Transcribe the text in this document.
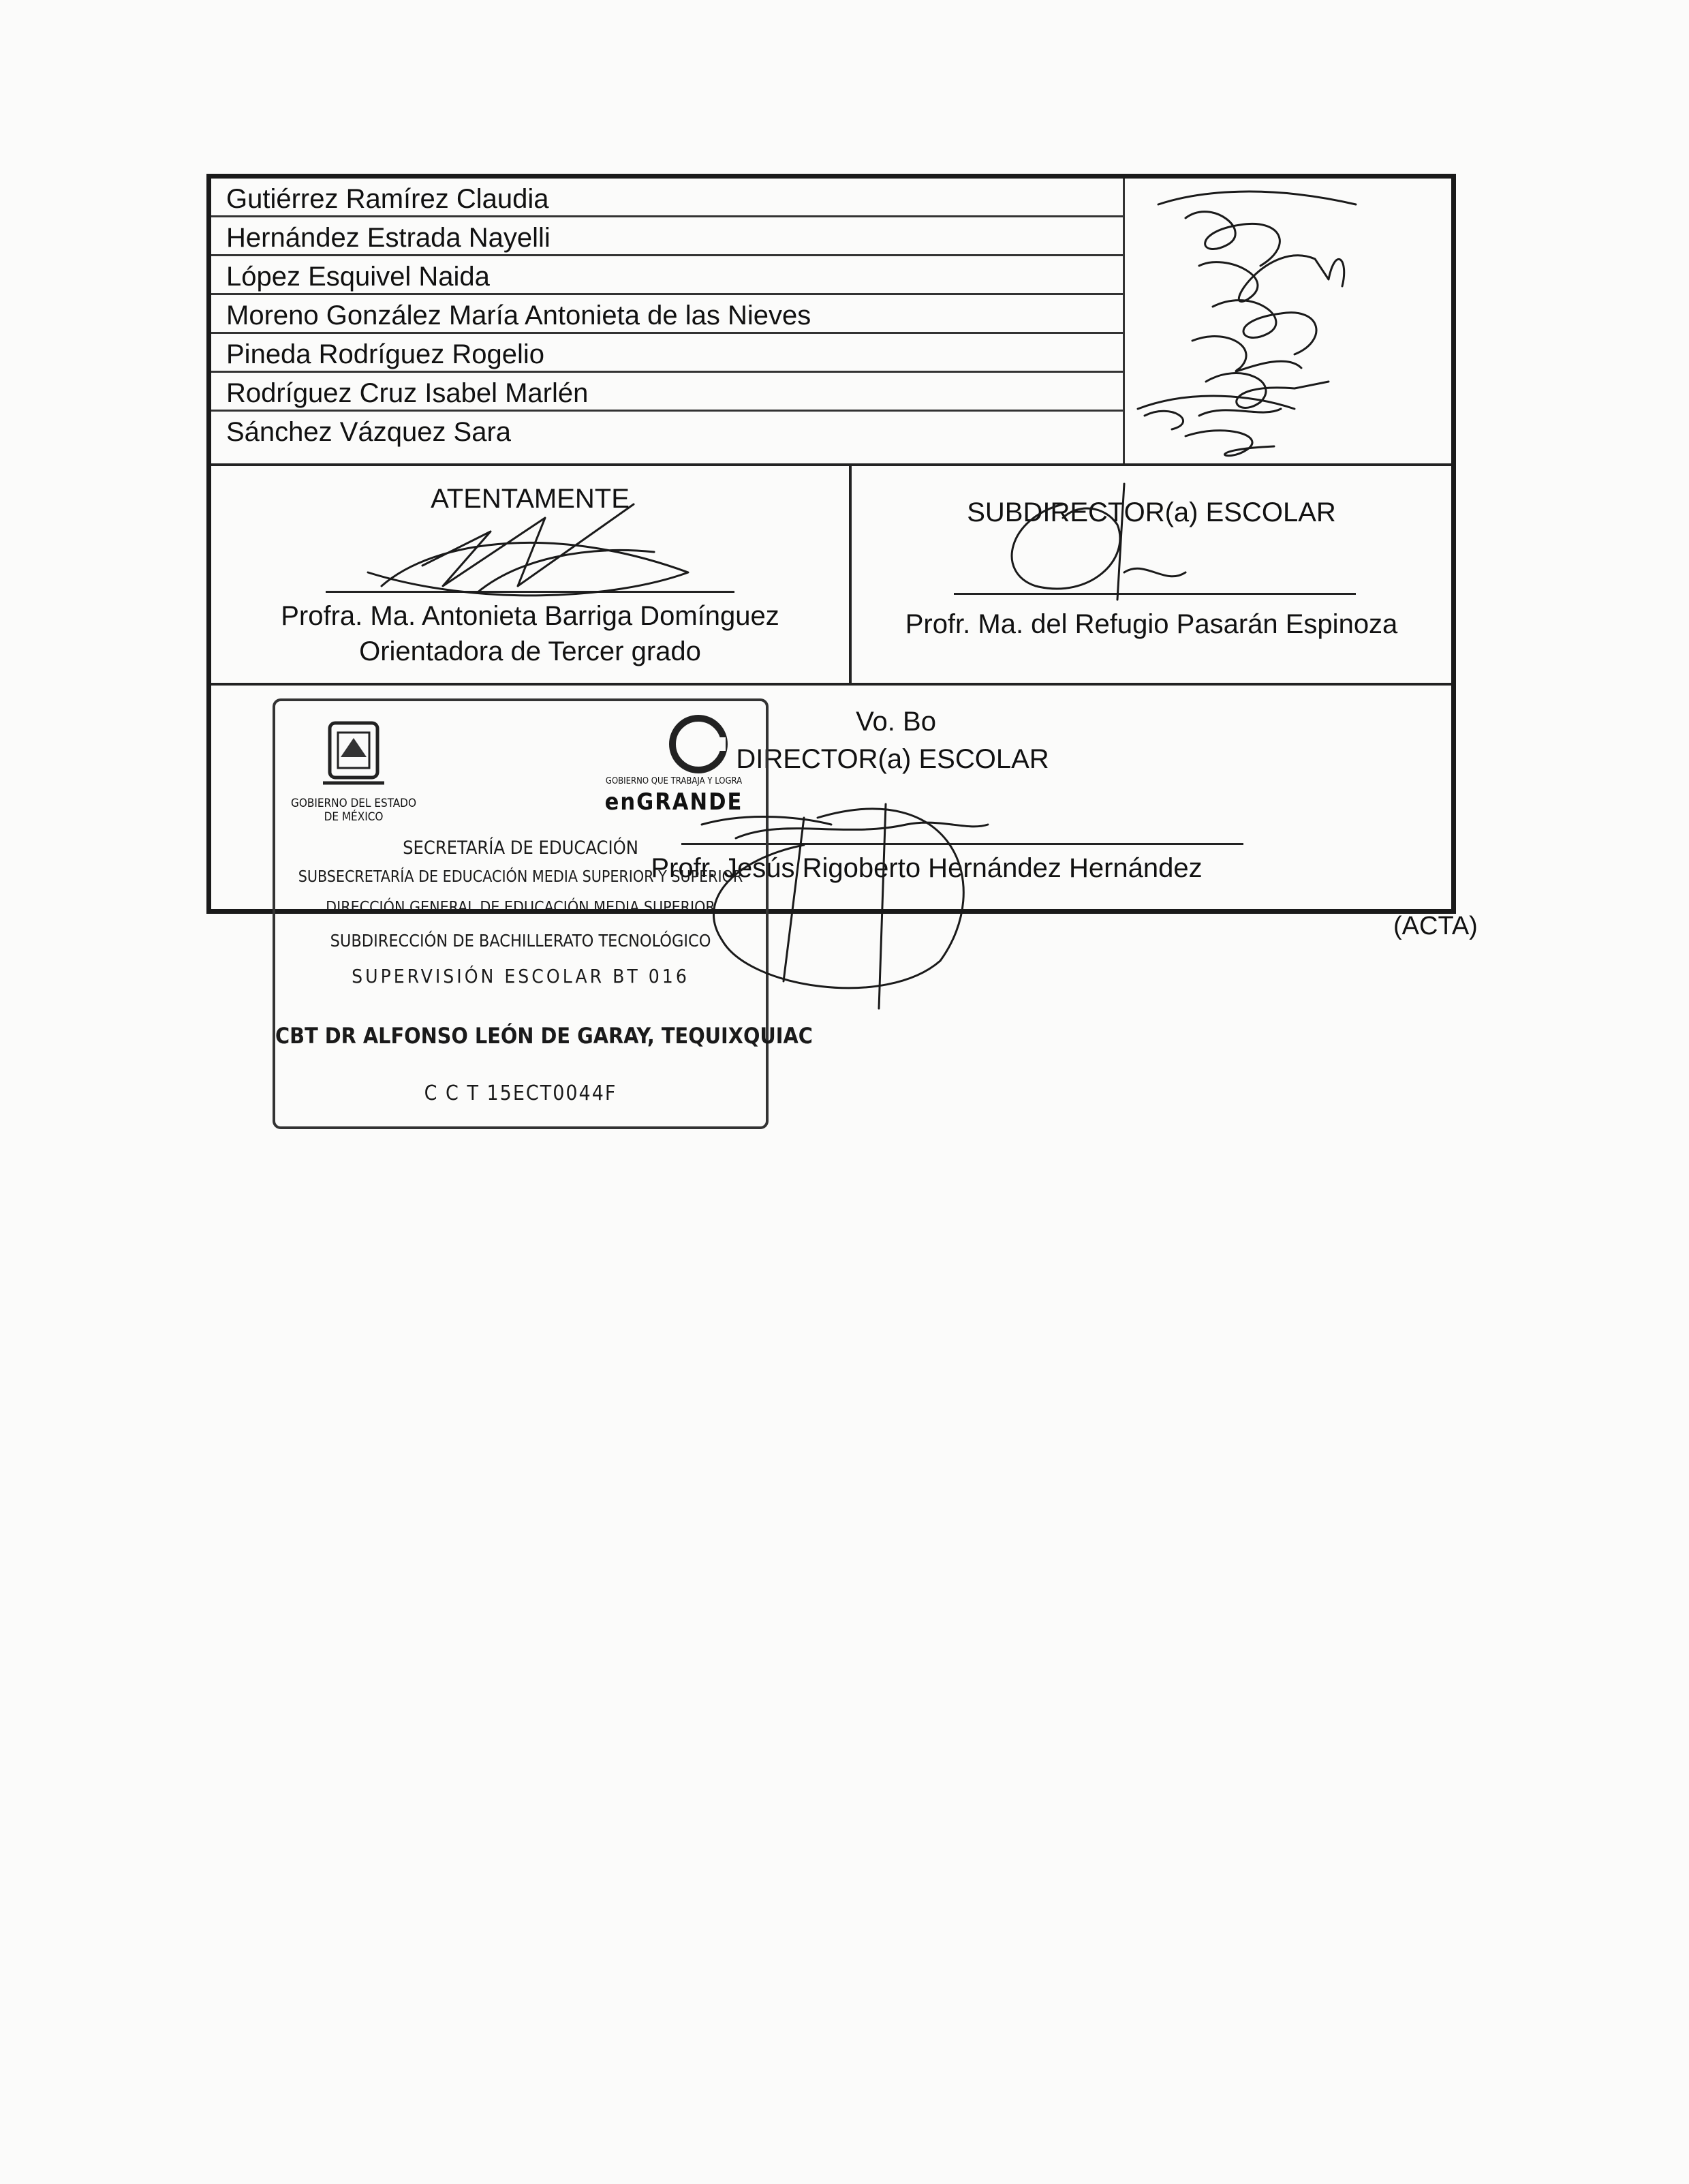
Gutiérrez Ramírez Claudia
Hernández Estrada Nayelli
López Esquivel Naida
Moreno González María Antonieta de las Nieves
Pineda Rodríguez Rogelio
Rodríguez Cruz Isabel Marlén
Sánchez Vázquez Sara
ATENTAMENTE
Profra. Ma. Antonieta Barriga Domínguez
Orientadora de Tercer grado
SUBDIRECTOR(a) ESCOLAR
Profr. Ma. del Refugio Pasarán Espinoza
Vo. Bo
DIRECTOR(a) ESCOLAR
Profr. Jesús Rigoberto Hernández Hernández
GOBIERNO DEL ESTADO DE MÉXICO
GOBIERNO QUE TRABAJA Y LOGRA
enGRANDE
SECRETARÍA DE EDUCACIÓN
SUBSECRETARÍA DE EDUCACIÓN MEDIA SUPERIOR Y SUPERIOR
DIRECCIÓN GENERAL DE EDUCACIÓN MEDIA SUPERIOR
SUBDIRECCIÓN DE BACHILLERATO TECNOLÓGICO
SUPERVISIÓN ESCOLAR BT 016
CBT DR ALFONSO LEÓN DE GARAY, TEQUIXQUIAC
C C T 15ECT0044F
(ACTA)
